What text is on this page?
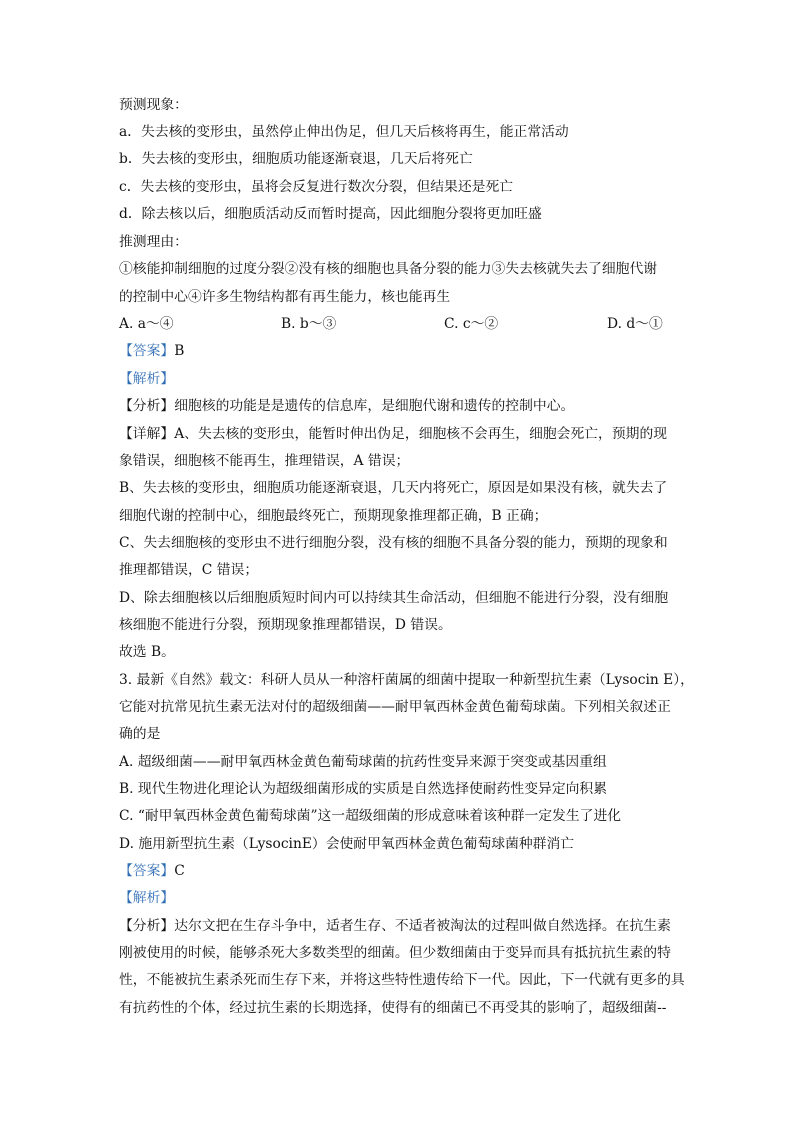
预测现象：

a．失去核的变形虫，虽然停止伸出伪足，但几天后核将再生，能正常活动

b．失去核的变形虫，细胞质功能逐渐衰退，几天后将死亡

c．失去核的变形虫，虽将会反复进行数次分裂，但结果还是死亡

d．除去核以后，细胞质活动反而暂时提高，因此细胞分裂将更加旺盛

推测理由：

①核能抑制细胞的过度分裂②没有核的细胞也具备分裂的能力③失去核就失去了细胞代谢

的控制中心④许多生物结构都有再生能力，核也能再生

A. a～④	B. b～③	C. c～②	D. d～①

【答案】B

【解析】

【分析】细胞核的功能是是遗传的信息库，是细胞代谢和遗传的控制中心。

【详解】A、失去核的变形虫，能暂时伸出伪足，细胞核不会再生，细胞会死亡，预期的现

象错误，细胞核不能再生，推理错误，A 错误；

B、失去核的变形虫，细胞质功能逐渐衰退，几天内将死亡，原因是如果没有核，就失去了

细胞代谢的控制中心，细胞最终死亡，预期现象推理都正确，B 正确；

C、失去细胞核的变形虫不进行细胞分裂，没有核的细胞不具备分裂的能力，预期的现象和

推理都错误，C 错误；

D、除去细胞核以后细胞质短时间内可以持续其生命活动，但细胞不能进行分裂，没有细胞

核细胞不能进行分裂，预期现象推理都错误，D 错误。

故选 B。

3. 最新《自然》载文：科研人员从一种溶杆菌属的细菌中提取一种新型抗生素（Lysocin E），

它能对抗常见抗生素无法对付的超级细菌——耐甲氧西林金黄色葡萄球菌。下列相关叙述正

确的是

A. 超级细菌——耐甲氧西林金黄色葡萄球菌的抗药性变异来源于突变或基因重组

B. 现代生物进化理论认为超级细菌形成的实质是自然选择使耐药性变异定向积累

C. “耐甲氧西林金黄色葡萄球菌”这一超级细菌的形成意味着该种群一定发生了进化

D. 施用新型抗生素（LysocinE）会使耐甲氧西林金黄色葡萄球菌种群消亡

【答案】C

【解析】

【分析】达尔文把在生存斗争中，适者生存、不适者被淘汰的过程叫做自然选择。在抗生素

刚被使用的时候，能够杀死大多数类型的细菌。但少数细菌由于变异而具有抵抗抗生素的特

性，不能被抗生素杀死而生存下来，并将这些特性遗传给下一代。因此，下一代就有更多的具

有抗药性的个体，经过抗生素的长期选择，使得有的细菌已不再受其的影响了，超级细菌--
